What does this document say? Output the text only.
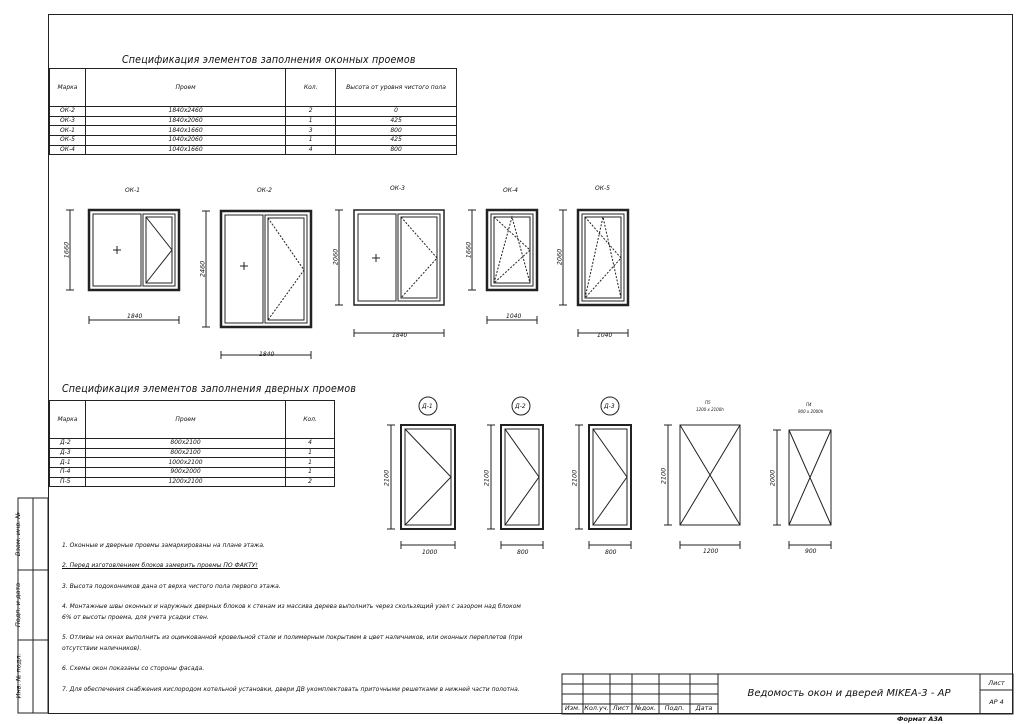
Спецификация элементов заполнения оконных проемов
Марка	Проем	Кол.	Высота от уровня чистого пола
ОК-2	1840х2460	2	0
ОК-3	1840х2060	1	425
ОК-1	1840х1660	3	800
ОК-5	1040х2060	1	425
ОК-4	1040х1660	4	800
ОК-1	ОК-2	ОК-3	ОК-4	ОК-5
1840
1840
1840
1040
1040
1660
2460
2060	1660	2060
Спецификация элементов заполнения дверных проемов
Марка	Проем	Кол.
Д-2	800х2100	4
Д-3	800х2100	1
Д-1	1000х2100	1
П-4	900х2000	1
П-5	1200х2100	2
Д-1	Д-2	Д-3
П5
1200 х 2100h
П4
900 х 2000h
1000	800	800	1200	900
2100	2100	2100	2100	2000
1. Оконные и дверные проемы замаркированы на плане этажа.
2. Перед изготовлением блоков замерить проемы ПО ФАКТУ!
3. Высота подоконников дана от верха чистого пола первого этажа.
4. Монтажные швы оконных и наружных дверных блоков к стенам из массива дерева выполнить через скользящий узел с зазором над блоком
6% от высоты проема, для учета усадки стен.
5. Отливы на окнах выполнить из оцинкованной кровельной стали и полимерным покрытием в цвет наличников, или оконных переплетов (при
отсутствии наличников).
6. Схемы окон показаны со стороны фасада.
7. Для обеспечения снабжения кислородом котельной установки, двери ДВ укомплектовать приточными решетками в нижней части полотна.
Взам. инв. №
Подп. и дата
Инв. № подл.
Изм. Кол.уч. Лист №док.	Подп.	Дата
Ведомость окон и дверей MIKEA-3 - АР
Лист
АР 4
Формат А3А
